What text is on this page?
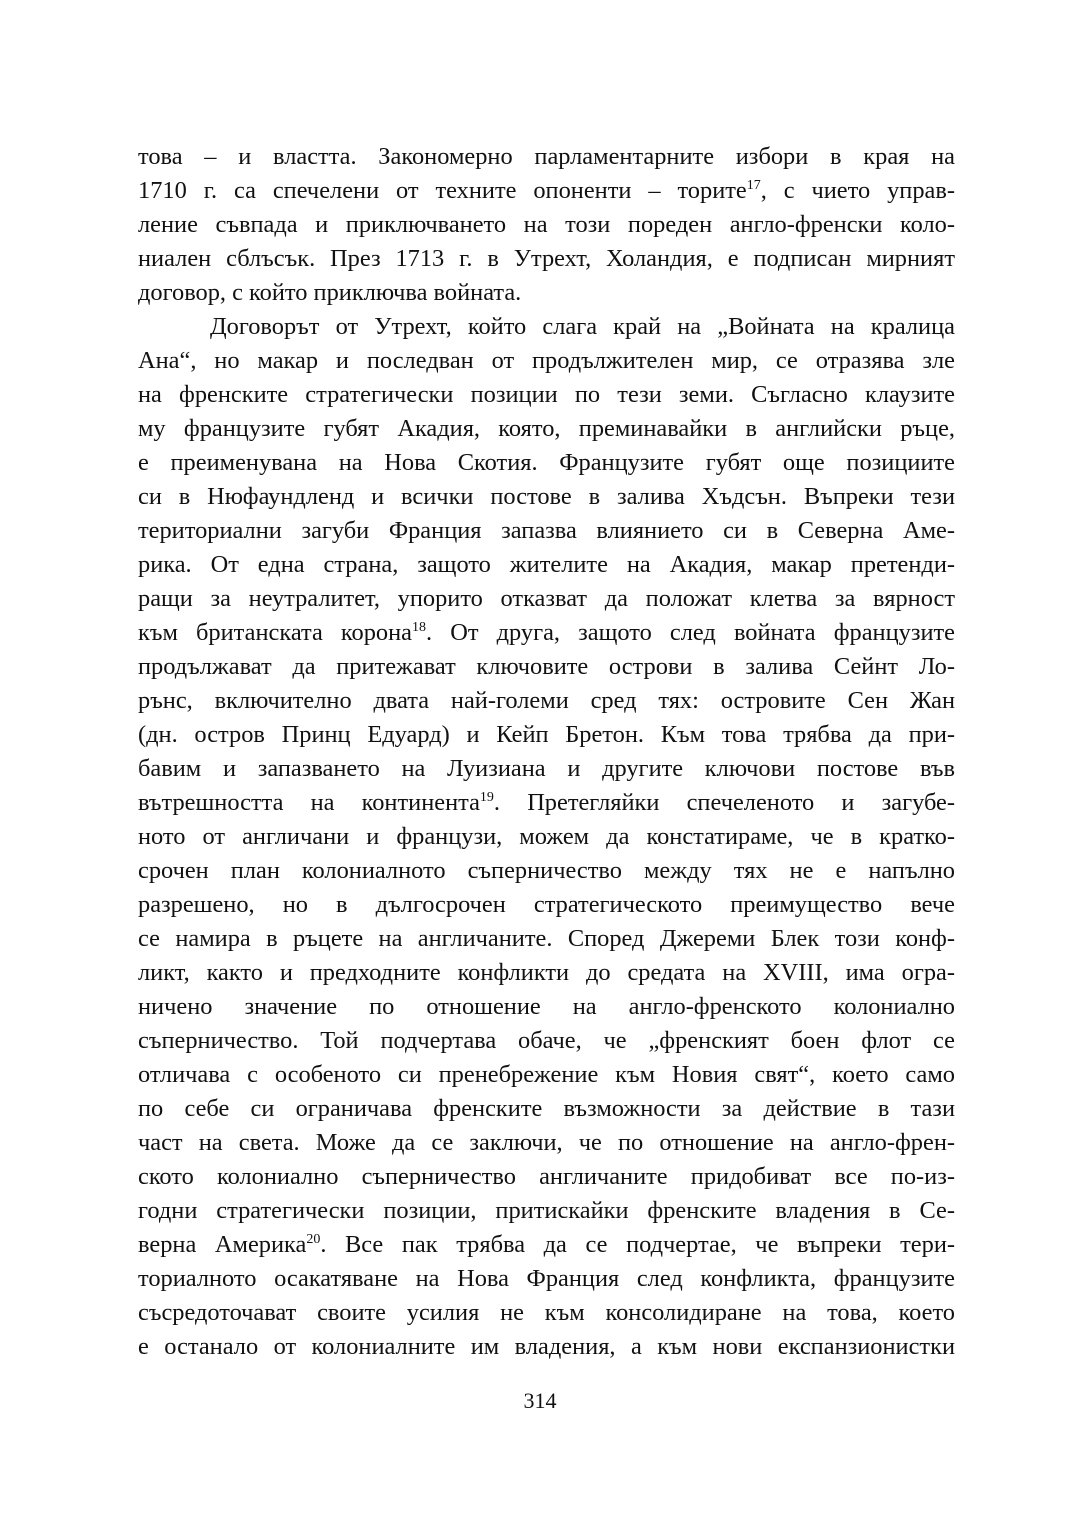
това – и властта. Закономерно парламентарните избори в края на
1710 г. са спечелени от техните опоненти – торите$^{17}$, с чието управ-
ление съвпада и приключването на този пореден англо-френски коло-
ниален сблъсък. През 1713 г. в Утрехт, Холандия, е подписан мирният
договор, с който приключва войната.
Договорът от Утрехт, който слага край на „Войната на кралица
Ана“, но макар и последван от продължителен мир, се отразява зле
на френските стратегически позиции по тези земи. Съгласно клаузите
му французите губят Акадия, която, преминавайки в английски ръце,
е преименувана на Нова Скотия. Французите губят още позициите
си в Нюфаундленд и всички постове в залива Хъдсън. Въпреки тези
териториални загуби Франция запазва влиянието си в Северна Аме-
рика. От една страна, защото жителите на Акадия, макар претенди-
ращи за неутралитет, упорито отказват да положат клетва за вярност
към британската корона$^{18}$. От друга, защото след войната французите
продължават да притежават ключовите острови в залива Сейнт Ло-
рънс, включително двата най-големи сред тях: островите Сен Жан
(дн. остров Принц Едуард) и Кейп Бретон. Към това трябва да при-
бавим и запазването на Луизиана и другите ключови постове във
вътрешността на континента$^{19}$. Претегляйки спечеленото и загубе-
ното от англичани и французи, можем да констатираме, че в кратко-
срочен план колониалното съперничество между тях не е напълно
разрешено, но в дългосрочен стратегическото преимущество вече
се намира в ръцете на англичаните. Според Джереми Блек този конф-
ликт, както и предходните конфликти до средата на XVIII, има огра-
ничено значение по отношение на англо-френското колониално
съперничество. Той подчертава обаче, че „френският боен флот се
отличава с особеното си пренебрежение към Новия свят“, което само
по себе си ограничава френските възможности за действие в тази
част на света. Може да се заключи, че по отношение на англо-френ-
ското колониално съперничество англичаните придобиват все по-из-
годни стратегически позиции, притискайки френските владения в Се-
верна Америка$^{20}$. Все пак трябва да се подчертае, че въпреки тери-
ториалното осакатяване на Нова Франция след конфликта, французите
съсредоточават своите усилия не към консолидиране на това, което
е останало от колониалните им владения, а към нови експанзионистки
314
